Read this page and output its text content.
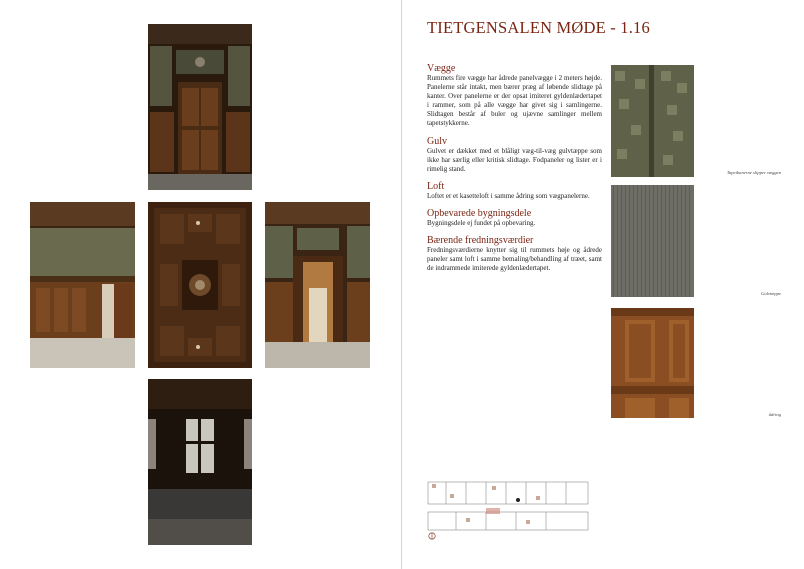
TIETGENSALEN MØDE - 1.16

Vægge

Rummets fire vægge har ådrede panelvægge i 2 meters højde. Panelerne står intakt, men bærer præg af løbende slidtage på kanter. Over panelerne er der opsat imiteret gyldenlædertapet i rammer, som på alle vægge har givet sig i samlingerne. Slidtagen består af buler og ujævne samlinger mellem tapetstykkerne.

Gulv

Gulvet er dækket med et blåligt væg-til-væg gulvtæppe som ikke har særlig eller kritisk slidtage. Fodpaneler og lister er i rimelig stand.

Loft

Loftet er et kasetteloft i samme ådring som vægpanelerne.

Opbevarede bygningsdele

Bygningsdele ej fundet på opbevaring.

Bærende fredningsværdier

Fredningsværdierne knytter sig til rummets høje og ådrede paneler samt loft i samme bemaling/behandling af træet, samt de indrammede imiterede gyldenlædertapet.

Tapetbanerne slipper væggen
Gulvtæppe
ådring
